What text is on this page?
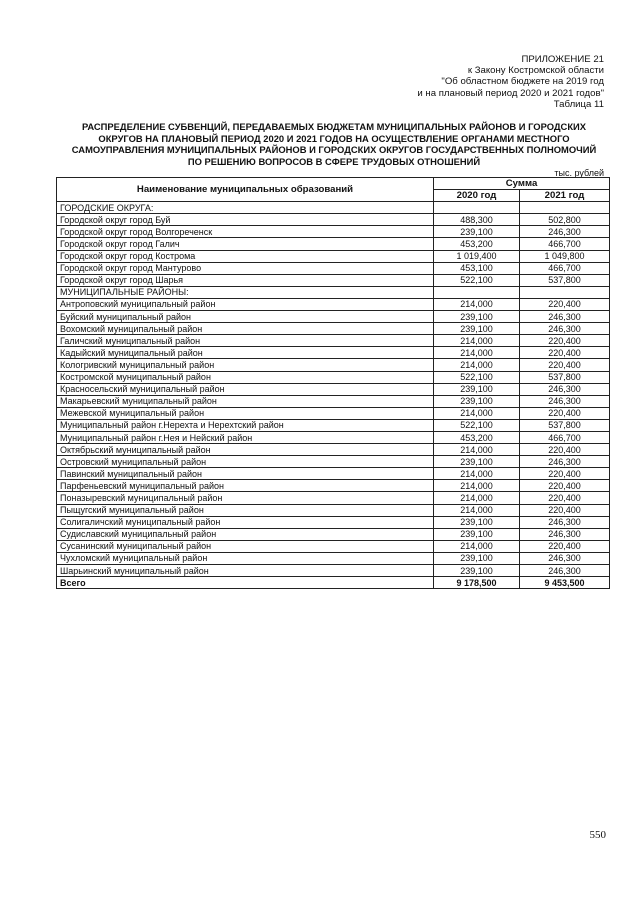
ПРИЛОЖЕНИЕ 21
к Закону Костромской области
"Об областном бюджете на 2019 год
и на плановый период 2020 и 2021 годов"
Таблица 11
РАСПРЕДЕЛЕНИЕ СУБВЕНЦИЙ, ПЕРЕДАВАЕМЫХ БЮДЖЕТАМ МУНИЦИПАЛЬНЫХ РАЙОНОВ И ГОРОДСКИХ
ОКРУГОВ НА ПЛАНОВЫЙ ПЕРИОД 2020 И 2021 ГОДОВ НА ОСУЩЕСТВЛЕНИЕ ОРГАНАМИ МЕСТНОГО
САМОУПРАВЛЕНИЯ МУНИЦИПАЛЬНЫХ РАЙОНОВ И ГОРОДСКИХ ОКРУГОВ ГОСУДАРСТВЕННЫХ ПОЛНОМОЧИЙ
ПО РЕШЕНИЮ ВОПРОСОВ В СФЕРЕ ТРУДОВЫХ ОТНОШЕНИЙ
тыс. рублей
Наименование муниципальных образований	Сумма	
	2020 год	2021 год
ГОРОДСКИЕ ОКРУГА:		
Городской округ город Буй	488,300	502,800
Городской округ город Волгореченск	239,100	246,300
Городской округ город Галич	453,200	466,700
Городской округ город Кострома	1 019,400	1 049,800
Городской округ город Мантурово	453,100	466,700
Городской округ город Шарья	522,100	537,800
МУНИЦИПАЛЬНЫЕ РАЙОНЫ:		
Антроповский муниципальный район	214,000	220,400
Буйский муниципальный район	239,100	246,300
Вохомский муниципальный район	239,100	246,300
Галичский муниципальный район	214,000	220,400
Кадыйский муниципальный район	214,000	220,400
Кологривский муниципальный район	214,000	220,400
Костромской муниципальный район	522,100	537,800
Красносельский муниципальный район	239,100	246,300
Макарьевский муниципальный район	239,100	246,300
Межевской муниципальный район	214,000	220,400
Муниципальный район г.Нерехта и Нерехтский район	522,100	537,800
Муниципальный район г.Нея и Нейский район	453,200	466,700
Октябрьский муниципальный район	214,000	220,400
Островский муниципальный район	239,100	246,300
Павинский муниципальный район	214,000	220,400
Парфеньевский муниципальный район	214,000	220,400
Поназыревский муниципальный район	214,000	220,400
Пыщугский муниципальный район	214,000	220,400
Солигаличский муниципальный район	239,100	246,300
Судиславский муниципальный район	239,100	246,300
Сусанинский муниципальный район	214,000	220,400
Чухломский муниципальный район	239,100	246,300
Шарьинский муниципальный район	239,100	246,300
Всего	9 178,500	9 453,500
550
